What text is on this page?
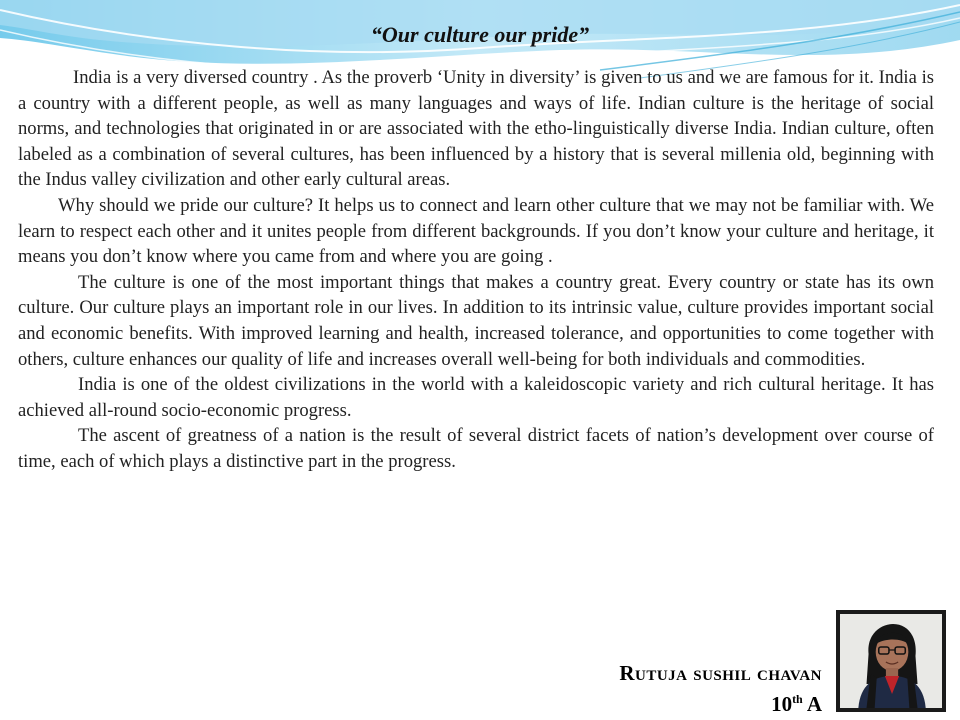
“Our culture our pride”

India is a very diversed country . As the proverb ‘Unity in diversity’ is given to us and we are famous for it. India is a country with a different people, as well as many languages and ways of life. Indian culture is the heritage of social norms, and technologies that originated in or are associated with the etho-linguistically diverse India. Indian culture, often labeled as a combination of several cultures, has been influenced by a history that is several millenia old, beginning with the Indus valley civilization and other early cultural areas.

Why should we pride our culture? It helps us to connect and learn other culture that we may not be familiar with. We learn to respect each other and it unites people from different backgrounds. If you don’t know your culture and heritage, it means you don’t know where you came from and where you are going .

The culture is one of the most important things that makes a country great. Every country or state has its own culture. Our culture plays an important role in our lives. In addition to its intrinsic value, culture provides important social and economic benefits. With improved learning and health, increased tolerance, and opportunities to come together with others, culture enhances our quality of life and increases overall well-being for both individuals and commodities.

India is one of the oldest civilizations in the world with a kaleidoscopic variety and rich cultural heritage. It has achieved all-round socio-economic progress.

The ascent of greatness of a nation is the result of several district facets of nation’s development over course of time, each of which plays a distinctive part in the progress.

Rutuja sushil chavan
10th A
